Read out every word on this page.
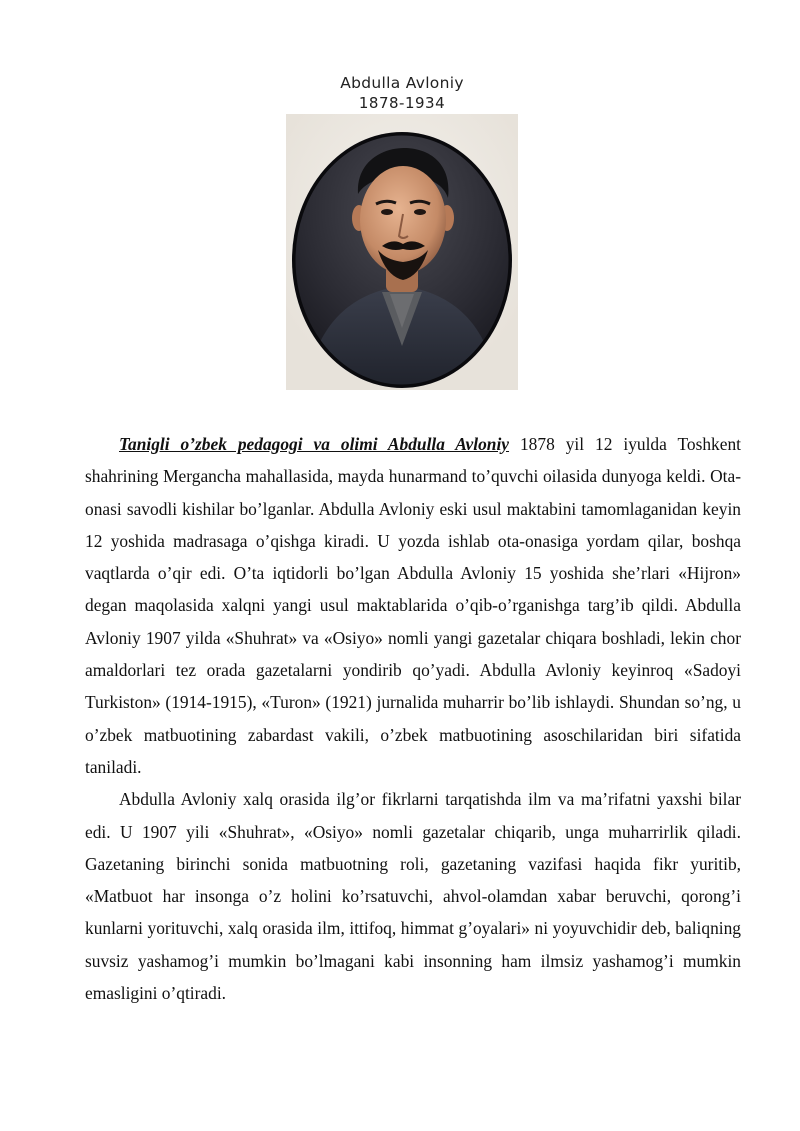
Abdulla Avloniy
1878-1934

Tanigli o’zbek pedagogi va olimi Abdulla Avloniy 1878 yil 12 iyulda Toshkent shahrining Mergancha mahallasida, mayda hunarmand to’quvchi oilasida dunyoga keldi. Ota-onasi savodli kishilar bo’lganlar. Abdulla Avloniy eski usul maktabini tamomlaganidan keyin 12 yoshida madrasaga o’qishga kiradi. U yozda ishlab ota-onasiga yordam qilar, boshqa vaqtlarda o’qir edi. O’ta iqtidorli bo’lgan Abdulla Avloniy 15 yoshida she’rlari «Hijron» degan maqolasida xalqni yangi usul maktablarida o’qib-o’rganishga targ’ib qildi. Abdulla Avloniy 1907 yilda «Shuhrat» va «Osiyo» nomli yangi gazetalar chiqara boshladi, lekin chor amaldorlari tez orada gazetalarni yondirib qo’yadi. Abdulla Avloniy keyinroq «Sadoyi Turkiston» (1914-1915), «Turon» (1921) jurnalida muharrir bo’lib ishlaydi. Shundan so’ng, u o’zbek matbuotining zabardast vakili, o’zbek matbuotining asoschilaridan biri sifatida taniladi.

Abdulla Avloniy xalq orasida ilg’or fikrlarni tarqatishda ilm va ma’rifatni yaxshi bilar edi. U 1907 yili «Shuhrat», «Osiyo» nomli gazetalar chiqarib, unga muharrirlik qiladi. Gazetaning birinchi sonida matbuotning roli, gazetaning vazifasi haqida fikr yuritib, «Matbuot har insonga o’z holini ko’rsatuvchi, ahvol-olamdan xabar beruvchi, qorong’i kunlarni yorituvchi, xalq orasida ilm, ittifoq, himmat g’oyalari» ni yoyuvchidir deb, baliqning suvsiz yashamog’i mumkin bo’lmagani kabi insonning ham ilmsiz yashamog’i mumkin emasligini o’qtiradi.
